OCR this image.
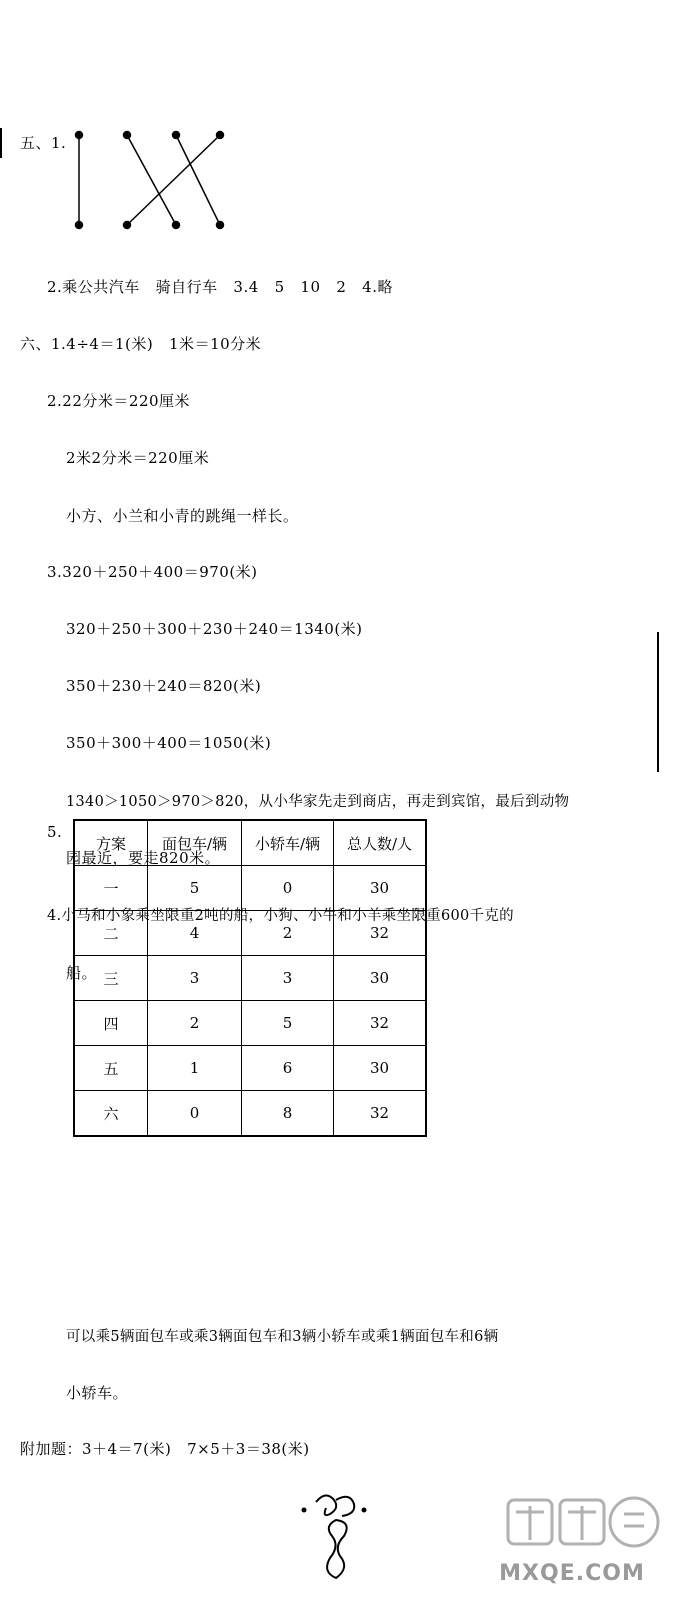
五、1.
2.乘公共汽车   骑自行车   3.4   5   10   2   4.略
六、1.4÷4＝1(米)   1米＝10分米
2.22分米＝220厘米
2米2分米＝220厘米
小方、小兰和小青的跳绳一样长。
3.320＋250＋400＝970(米)
320＋250＋300＋230＋240＝1340(米)
350＋230＋240＝820(米)
350＋300＋400＝1050(米)
1340＞1050＞970＞820，从小华家先走到商店，再走到宾馆，最后到动物
园最近，要走820米。
4.小马和小象乘坐限重2吨的船，小狗、小牛和小羊乘坐限重600千克的
船。
5.
方案	面包车/辆	小轿车/辆	总人数/人
一	5	0	30
二	4	2	32
三	3	3	30
四	2	5	32
五	1	6	30
六	0	8	32
可以乘5辆面包车或乘3辆面包车和3辆小轿车或乘1辆面包车和6辆
小轿车。
附加题：3＋4＝7(米)   7×5＋3＝38(米)
MXQE.COM
